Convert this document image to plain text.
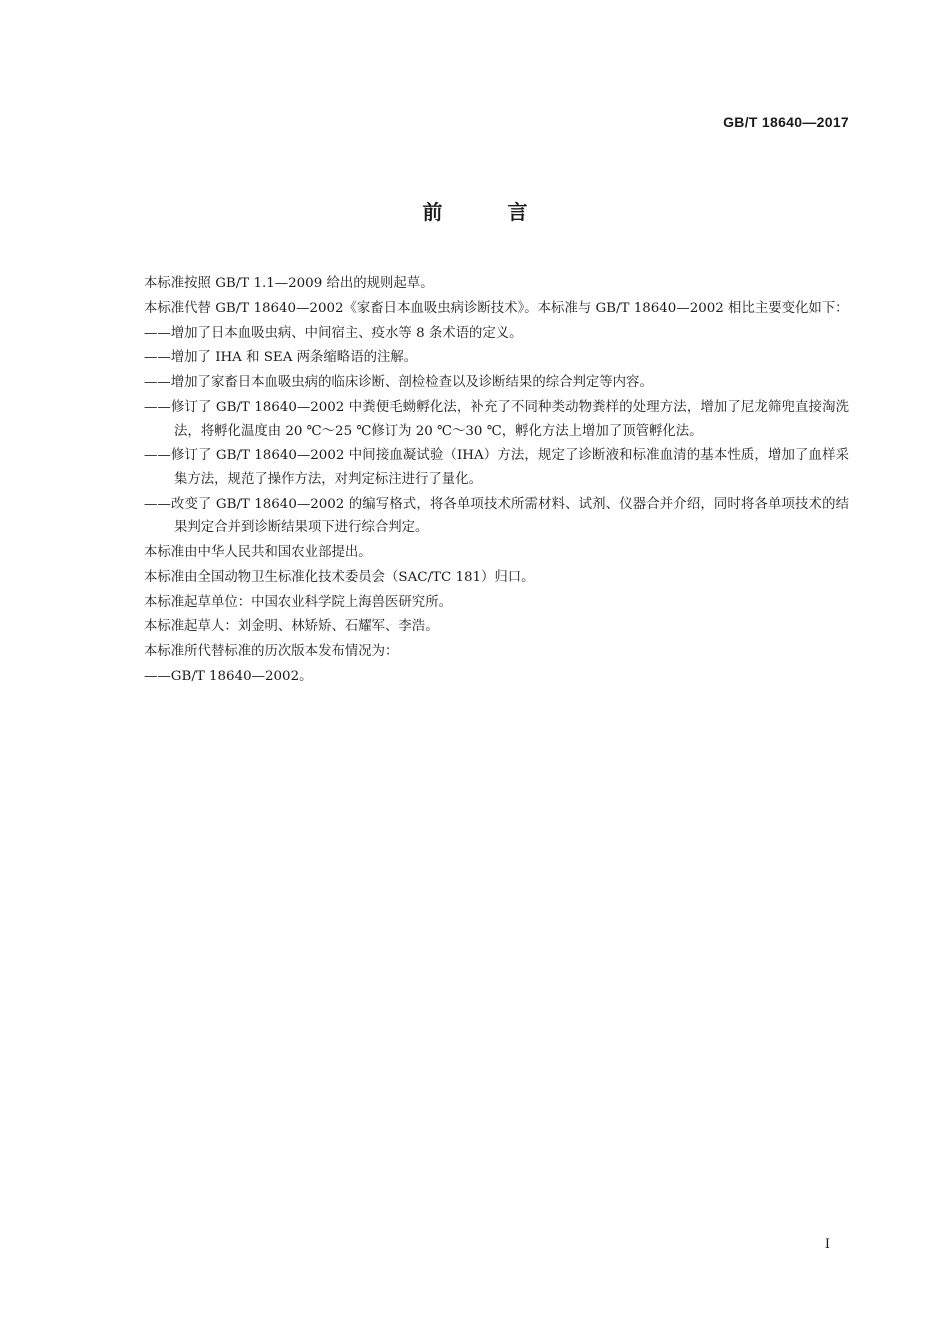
GB/T 18640—2017
前 言

本标准按照 GB/T 1.1—2009 给出的规则起草。

本标准代替 GB/T 18640—2002《家畜日本血吸虫病诊断技术》。本标准与 GB/T 18640—2002 相比主要变化如下：

——增加了日本血吸虫病、中间宿主、疫水等 8 条术语的定义。

——增加了 IHA 和 SEA 两条缩略语的注解。

——增加了家畜日本血吸虫病的临床诊断、剖检检查以及诊断结果的综合判定等内容。

——修订了 GB/T 18640—2002 中粪便毛蚴孵化法，补充了不同种类动物粪样的处理方法，增加了尼龙筛兜直接淘洗法，将孵化温度由 20 ℃～25 ℃修订为 20 ℃～30 ℃，孵化方法上增加了顶管孵化法。

——修订了 GB/T 18640—2002 中间接血凝试验（IHA）方法，规定了诊断液和标准血清的基本性质，增加了血样采集方法，规范了操作方法，对判定标注进行了量化。

——改变了 GB/T 18640—2002 的编写格式，将各单项技术所需材料、试剂、仪器合并介绍，同时将各单项技术的结果判定合并到诊断结果项下进行综合判定。

本标准由中华人民共和国农业部提出。

本标准由全国动物卫生标准化技术委员会（SAC/TC 181）归口。

本标准起草单位：中国农业科学院上海兽医研究所。

本标准起草人：刘金明、林矫矫、石耀军、李浩。

本标准所代替标准的历次版本发布情况为：

——GB/T 18640—2002。

I
